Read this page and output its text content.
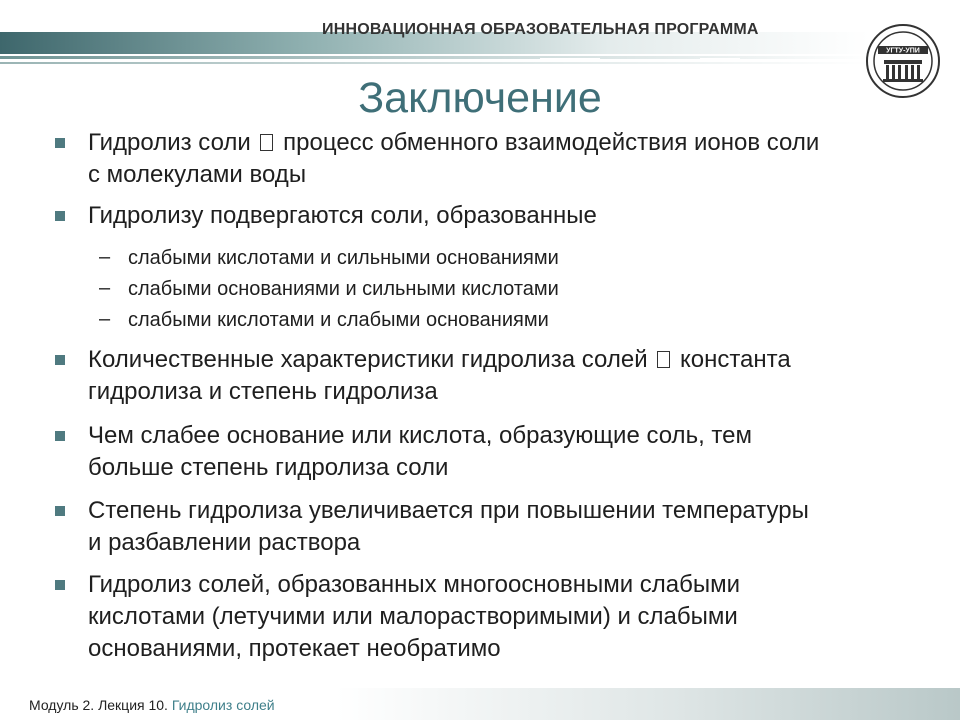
ИННОВАЦИОННАЯ ОБРАЗОВАТЕЛЬНАЯ ПРОГРАММА
УГТУ-УПИ
Заключение
Гидролиз соли  процесс обменного взаимодействия ионов соли
с молекулами воды
Гидролизу подвергаются соли, образованные
– слабыми кислотами и сильными основаниями
– слабыми основаниями и сильными кислотами
– слабыми кислотами и слабыми основаниями
Количественные характеристики гидролиза солей  константа
гидролиза и степень гидролиза
Чем слабее основание или кислота, образующие соль, тем
больше степень гидролиза соли
Степень гидролиза увеличивается при повышении температуры
и разбавлении раствора
Гидролиз солей, образованных многоосновными слабыми
кислотами (летучими или малорастворимыми) и слабыми
основаниями, протекает необратимо
Модуль 2. Лекция 10. Гидролиз солей
